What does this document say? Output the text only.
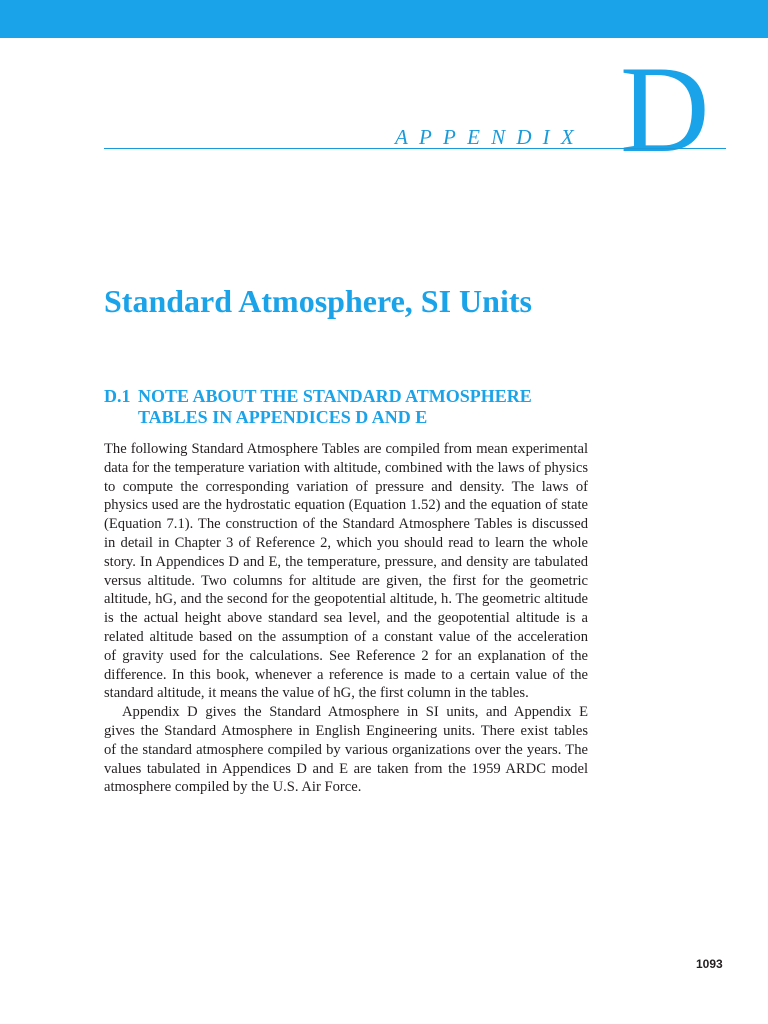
APPENDIX D
Standard Atmosphere, SI Units
D.1 NOTE ABOUT THE STANDARD ATMOSPHERE
TABLES IN APPENDICES D AND E

The following Standard Atmosphere Tables are compiled from mean experimental
data for the temperature variation with altitude, combined with the laws of physics
to compute the corresponding variation of pressure and density. The laws of
physics used are the hydrostatic equation (Equation 1.52) and the equation of state
(Equation 7.1). The construction of the Standard Atmosphere Tables is discussed
in detail in Chapter 3 of Reference 2, which you should read to learn the whole
story. In Appendices D and E, the temperature, pressure, and density are tabulated
versus altitude. Two columns for altitude are given, the first for the geometric
altitude, hG, and the second for the geopotential altitude, h. The geometric altitude
is the actual height above standard sea level, and the geopotential altitude is a
related altitude based on the assumption of a constant value of the acceleration
of gravity used for the calculations. See Reference 2 for an explanation of the
difference. In this book, whenever a reference is made to a certain value of the
standard altitude, it means the value of hG, the first column in the tables.

Appendix D gives the Standard Atmosphere in SI units, and Appendix E
gives the Standard Atmosphere in English Engineering units. There exist tables
of the standard atmosphere compiled by various organizations over the years. The
values tabulated in Appendices D and E are taken from the 1959 ARDC model
atmosphere compiled by the U.S. Air Force.

1093
